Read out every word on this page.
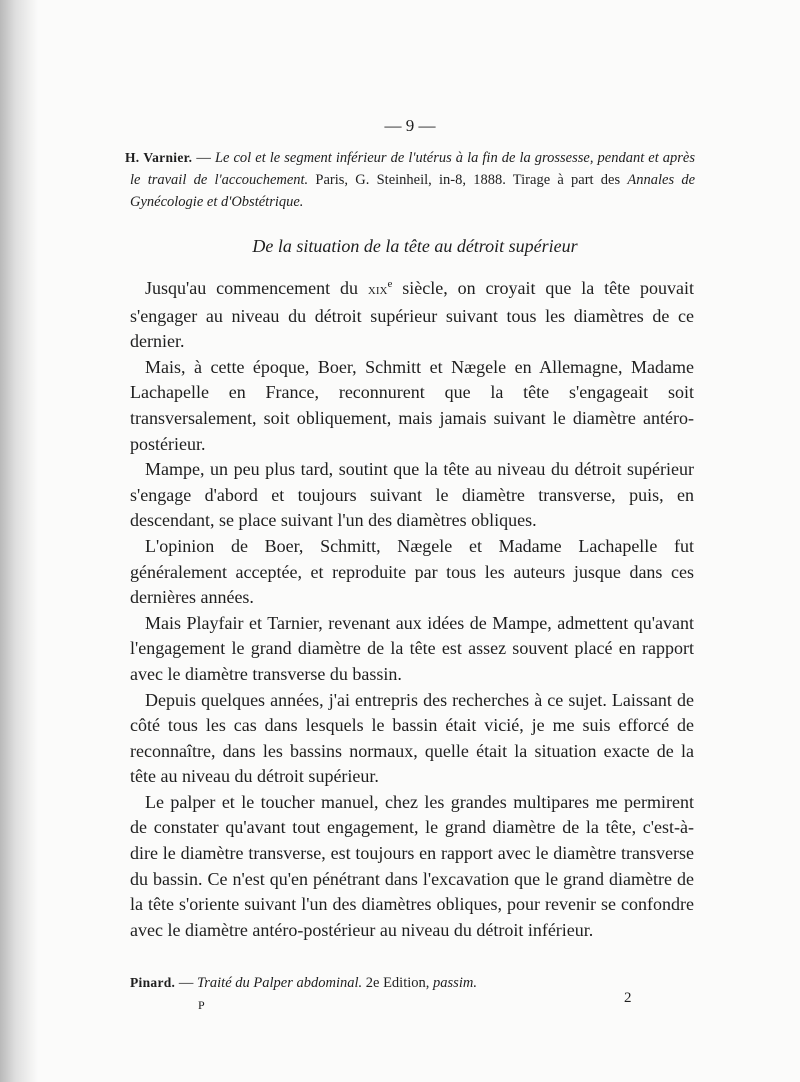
— 9 —
H. Varnier. — Le col et le segment inférieur de l'utérus à la fin de la grossesse, pendant et après le travail de l'accouchement. Paris, G. Steinheil, in-8, 1888. Tirage à part des Annales de Gynécologie et d'Obstétrique.
De la situation de la tête au détroit supérieur

Jusqu'au commencement du xix$^e$ siècle, on croyait que la tête pouvait s'engager au niveau du détroit supérieur suivant tous les diamètres de ce dernier.

Mais, à cette époque, Boer, Schmitt et Nægele en Allemagne, Madame Lachapelle en France, reconnurent que la tête s'engageait soit transversalement, soit obliquement, mais jamais suivant le diamètre antéro-postérieur.

Mampe, un peu plus tard, soutint que la tête au niveau du détroit supérieur s'engage d'abord et toujours suivant le diamètre transverse, puis, en descendant, se place suivant l'un des diamètres obliques.

L'opinion de Boer, Schmitt, Nægele et Madame Lachapelle fut généralement acceptée, et reproduite par tous les auteurs jusque dans ces dernières années.

Mais Playfair et Tarnier, revenant aux idées de Mampe, admettent qu'avant l'engagement le grand diamètre de la tête est assez souvent placé en rapport avec le diamètre transverse du bassin.

Depuis quelques années, j'ai entrepris des recherches à ce sujet. Laissant de côté tous les cas dans lesquels le bassin était vicié, je me suis efforcé de reconnaître, dans les bassins normaux, quelle était la situation exacte de la tête au niveau du détroit supérieur.

Le palper et le toucher manuel, chez les grandes multipares me permirent de constater qu'avant tout engagement, le grand diamètre de la tête, c'est-à-dire le diamètre transverse, est toujours en rapport avec le diamètre transverse du bassin. Ce n'est qu'en pénétrant dans l'excavation que le grand diamètre de la tête s'oriente suivant l'un des diamètres obliques, pour revenir se confondre avec le diamètre antéro-postérieur au niveau du détroit inférieur.

Pinard. — Traité du Palper abdominal. 2e Edition, passim.
P	2
